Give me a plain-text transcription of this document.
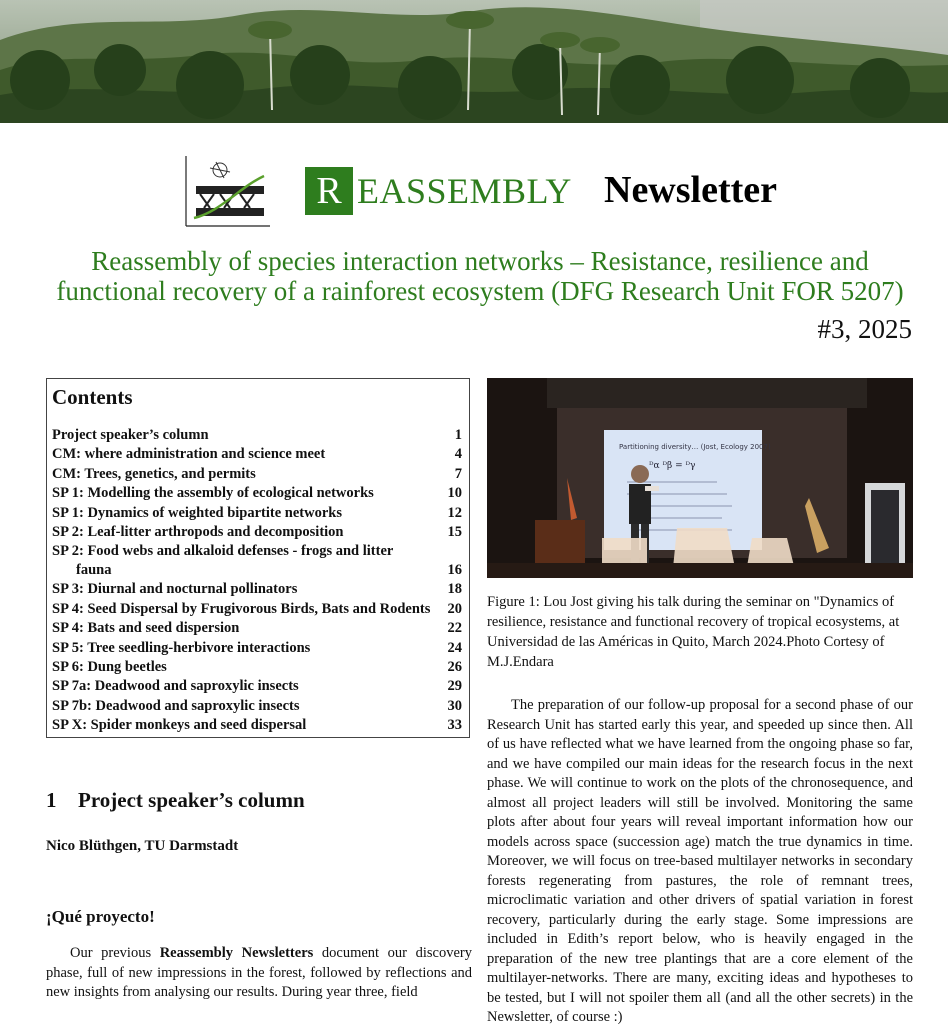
R EASSEMBLY Newsletter
Reassembly of species interaction networks – Resistance, resilience and functional recovery of a rainforest ecosystem (DFG Research Unit FOR 5207)
#3, 2025
Contents
Project speaker’s column	1
CM: where administration and science meet	4
CM: Trees, genetics, and permits	7
SP 1: Modelling the assembly of ecological networks	10
SP 1: Dynamics of weighted bipartite networks	12
SP 2: Leaf-litter arthropods and decomposition	15
SP 2: Food webs and alkaloid defenses - frogs and litter
fauna	16
SP 3: Diurnal and nocturnal pollinators	18
SP 4: Seed Dispersal by Frugivorous Birds, Bats and Rodents	20
SP 4: Bats and seed dispersion	22
SP 5: Tree seedling-herbivore interactions	24
SP 6: Dung beetles	26
SP 7a: Deadwood and saproxylic insects	29
SP 7b: Deadwood and saproxylic insects	30
SP X: Spider monkeys and seed dispersal	33
1 Project speaker’s column
Nico Blüthgen, TU Darmstadt
¡Qué proyecto!

Our previous Reassembly Newsletters document our discovery phase, full of new impressions in the forest, followed by reflections and new insights from analysing our results. During year three, field

Partitioning diversity… (Jost, Ecology 2007)
ᴰα ᴰβ = ᴰγ

Figure 1: Lou Jost giving his talk during the seminar on "Dynamics of resilience, resistance and functional recovery of tropical ecosystems, at Universidad de las Américas in Quito, March 2024.Photo Cortesy of M.J.Endara

The preparation of our follow-up proposal for a second phase of our Research Unit has started early this year, and speeded up since then. All of us have reflected what we have learned from the ongoing phase so far, and we have compiled our main ideas for the research focus in the next phase. We will continue to work on the plots of the chronosequence, and almost all project leaders will still be involved. Monitoring the same plots after about four years will reveal important information how our models across space (succession age) match the true dynamics in time. Moreover, we will focus on tree-based multilayer networks in secondary forests regenerating from pastures, the role of remnant trees, microclimatic variation and other drivers of spatial variation in forest recovery, particularly during the early stage. Some impressions are included in Edith’s report below, who is heavily engaged in the preparation of the new tree plantings that are a core element of the multilayer-networks. There are many, exciting ideas and hypotheses to be tested, but I will not spoiler them all (and all the other secrets) in the Newsletter, of course :)
